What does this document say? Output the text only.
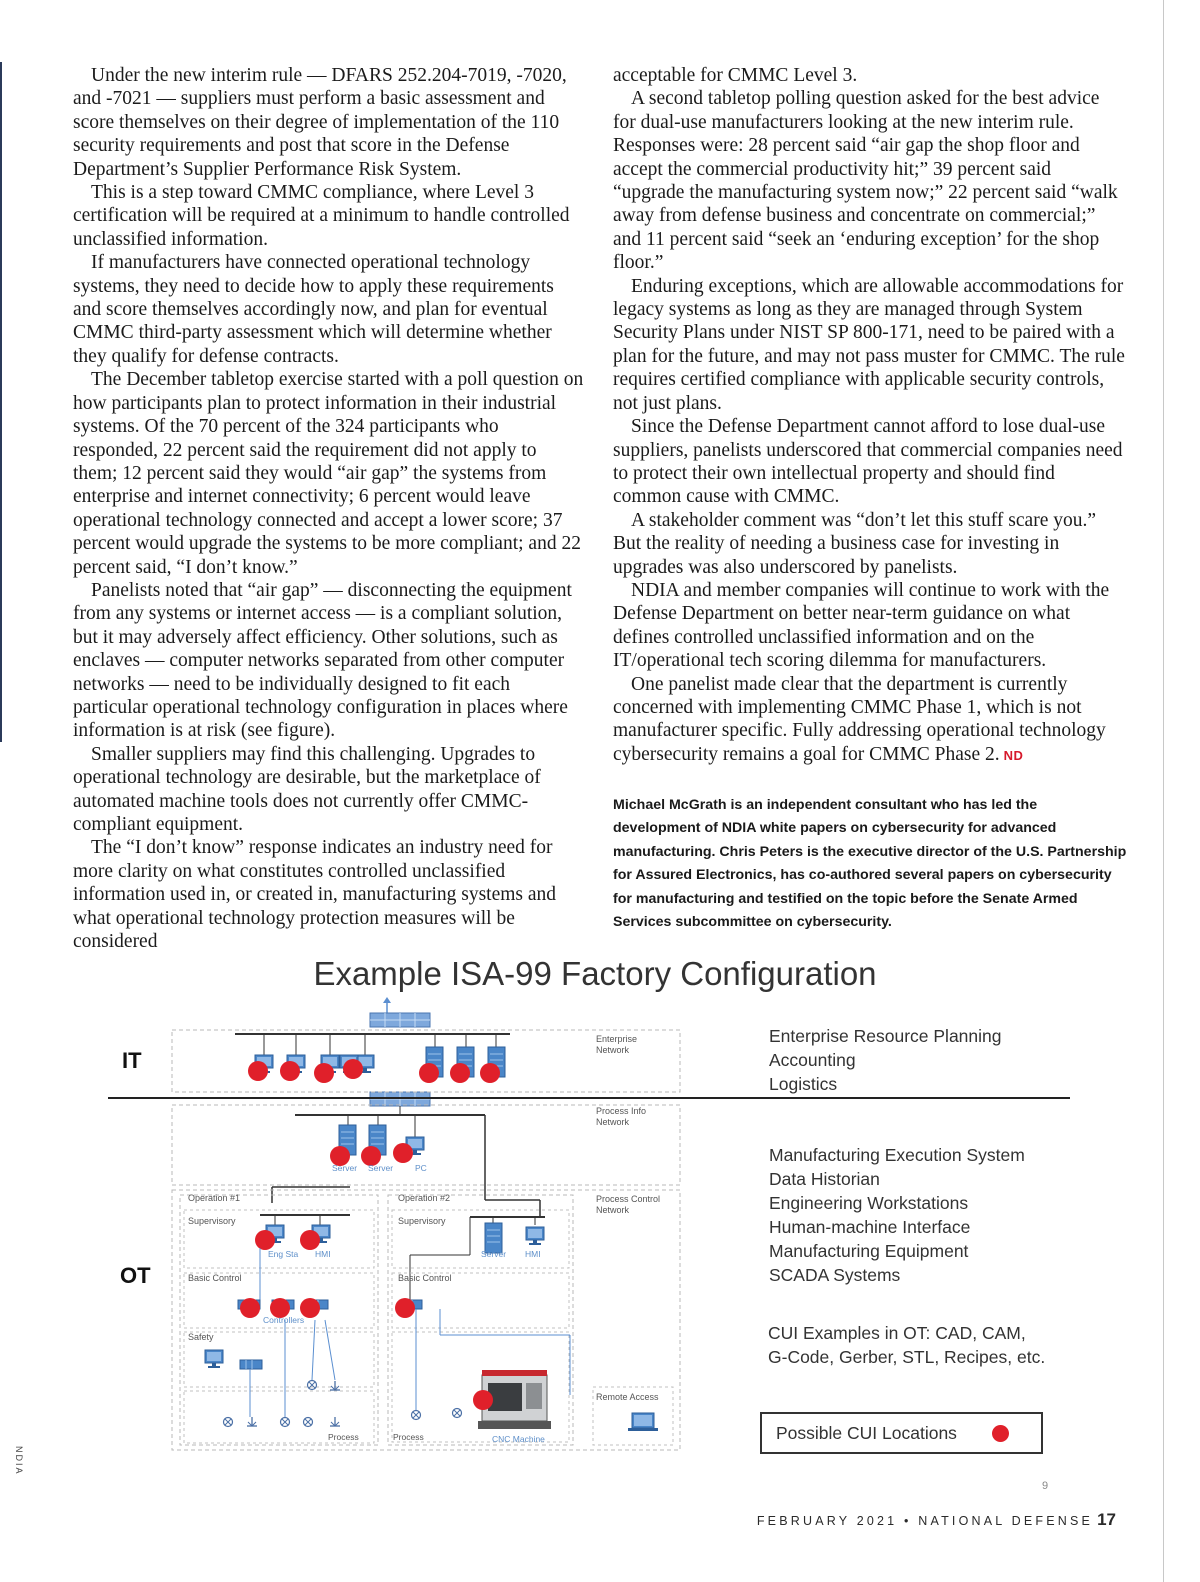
Under the new interim rule — DFARS 252.204-7019, -7020, and -7021 — suppliers must perform a basic assessment and score themselves on their degree of implementation of the 110 security requirements and post that score in the Defense Department’s Supplier Performance Risk System.

This is a step toward CMMC compliance, where Level 3 certification will be required at a minimum to handle controlled unclassified information.

If manufacturers have connected operational technology systems, they need to decide how to apply these requirements and score themselves accordingly now, and plan for eventual CMMC third-party assessment which will determine whether they qualify for defense contracts.

The December tabletop exercise started with a poll question on how participants plan to protect information in their industrial systems. Of the 70 percent of the 324 participants who responded, 22 percent said the requirement did not apply to them; 12 percent said they would “air gap” the systems from enterprise and internet connectivity; 6 percent would leave operational technology connected and accept a lower score; 37 percent would upgrade the systems to be more compliant; and 22 percent said, “I don’t know.”

Panelists noted that “air gap” — disconnecting the equipment from any systems or internet access — is a compliant solution, but it may adversely affect efficiency. Other solutions, such as enclaves — computer networks separated from other computer networks — need to be individually designed to fit each particular operational technology configuration in places where information is at risk (see figure).

Smaller suppliers may find this challenging. Upgrades to operational technology are desirable, but the marketplace of automated machine tools does not currently offer CMMC-compliant equipment.

The “I don’t know” response indicates an industry need for more clarity on what constitutes controlled unclassified information used in, or created in, manufacturing systems and what operational technology protection measures will be considered

acceptable for CMMC Level 3.

A second tabletop polling question asked for the best advice for dual-use manufacturers looking at the new interim rule. Responses were: 28 percent said “air gap the shop floor and accept the commercial productivity hit;” 39 percent said “upgrade the manufacturing system now;” 22 percent said “walk away from defense business and concentrate on commercial;” and 11 percent said “seek an ‘enduring exception’ for the shop floor.”

Enduring exceptions, which are allowable accommodations for legacy systems as long as they are managed through System Security Plans under NIST SP 800-171, need to be paired with a plan for the future, and may not pass muster for CMMC. The rule requires certified compliance with applicable security controls, not just plans.

Since the Defense Department cannot afford to lose dual-use suppliers, panelists underscored that commercial companies need to protect their own intellectual property and should find common cause with CMMC.

A stakeholder comment was “don’t let this stuff scare you.” But the reality of needing a business case for investing in upgrades was also underscored by panelists.

NDIA and member companies will continue to work with the Defense Department on better near-term guidance on what defines controlled unclassified information and on the IT/operational tech scoring dilemma for manufacturers.

One panelist made clear that the department is currently concerned with implementing CMMC Phase 1, which is not manufacturer specific. Fully addressing operational technology cybersecurity remains a goal for CMMC Phase 2. ND

Michael McGrath is an independent consultant who has led the development of NDIA white papers on cybersecurity for advanced manufacturing. Chris Peters is the executive director of the U.S. Partnership for Assured Electronics, has co-authored several papers on cybersecurity for manufacturing and testified on the topic before the Senate Armed Services subcommittee on cybersecurity.

Example ISA-99 Factory Configuration
IT
OT
Enterprise
Network
Process Info
Network
Process Control
Network
Remote Access
Operation #1	Operation #2
Supervisory	Supervisory
Basic Control	Basic Control
Safety
Server Server	PC
Eng Sta HMI	Server HMI
Controllers
Process	Process	CNC Machine
Enterprise Resource Planning
Accounting
Logistics
Manufacturing Execution System
Data Historian
Engineering Workstations
Human-machine Interface
Manufacturing Equipment
SCADA Systems
CUI Examples in OT: CAD, CAM,
G-Code, Gerber, STL, Recipes, etc.
Possible CUI Locations
9
FEBRUARY 2021 • NATIONAL DEFENSE 17
NDIA
